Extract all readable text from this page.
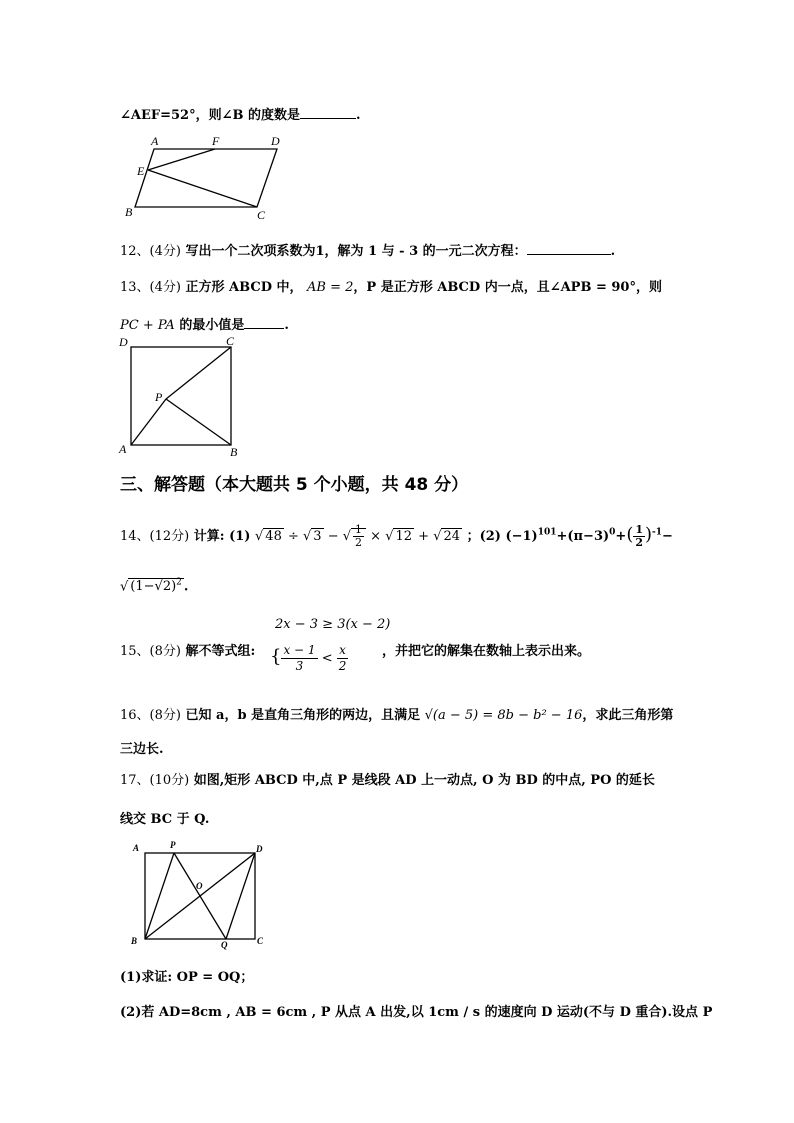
∠AEF=52°，则∠B 的度数是	.
A	F	D
E
B	C
12、(4分) 写出一个二次项系数为1，解为 1 与 - 3 的一元二次方程：	.
13、(4分) 正方形 ABCD 中， AB = 2，P 是正方形 ABCD 内一点，且∠APB = 90°，则
PC + PA 的最小值是	.
D	C
P
A	B
三、解答题（本大题共 5 个小题，共 48 分）
14、(12分) 计算: (1) √ 48 ÷ √ 3 − √ $\frac{1}{2}$ × √ 12 + √ 24 ；(2) $(-1)^{101}+(\pi-3)^0+( \frac{1}{2} )^{-1}-$
√ $(1-√2)^2$ .
2x − 3 ≥ 3(x − 2)
15、(8分) 解不等式组: { $\frac{x - 1}{3} < \frac{x}{2}$	，并把它的解集在数轴上表示出来。
16、(8分) 已知 a，b 是直角三角形的两边，且满足 √(a − 5) = 8b − b² − 16，求此三角形第
三边长.
17、(10分) 如图,矩形 ABCD 中,点 P 是线段 AD 上一动点, O 为 BD 的中点, PO 的延长
线交 BC 于 Q.
A	P	D
O
B	Q	C
(1)求证: OP = OQ；
(2)若 AD=8cm , AB = 6cm , P 从点 A 出发,以 1cm / s 的速度向 D 运动(不与 D 重合).设点 P
